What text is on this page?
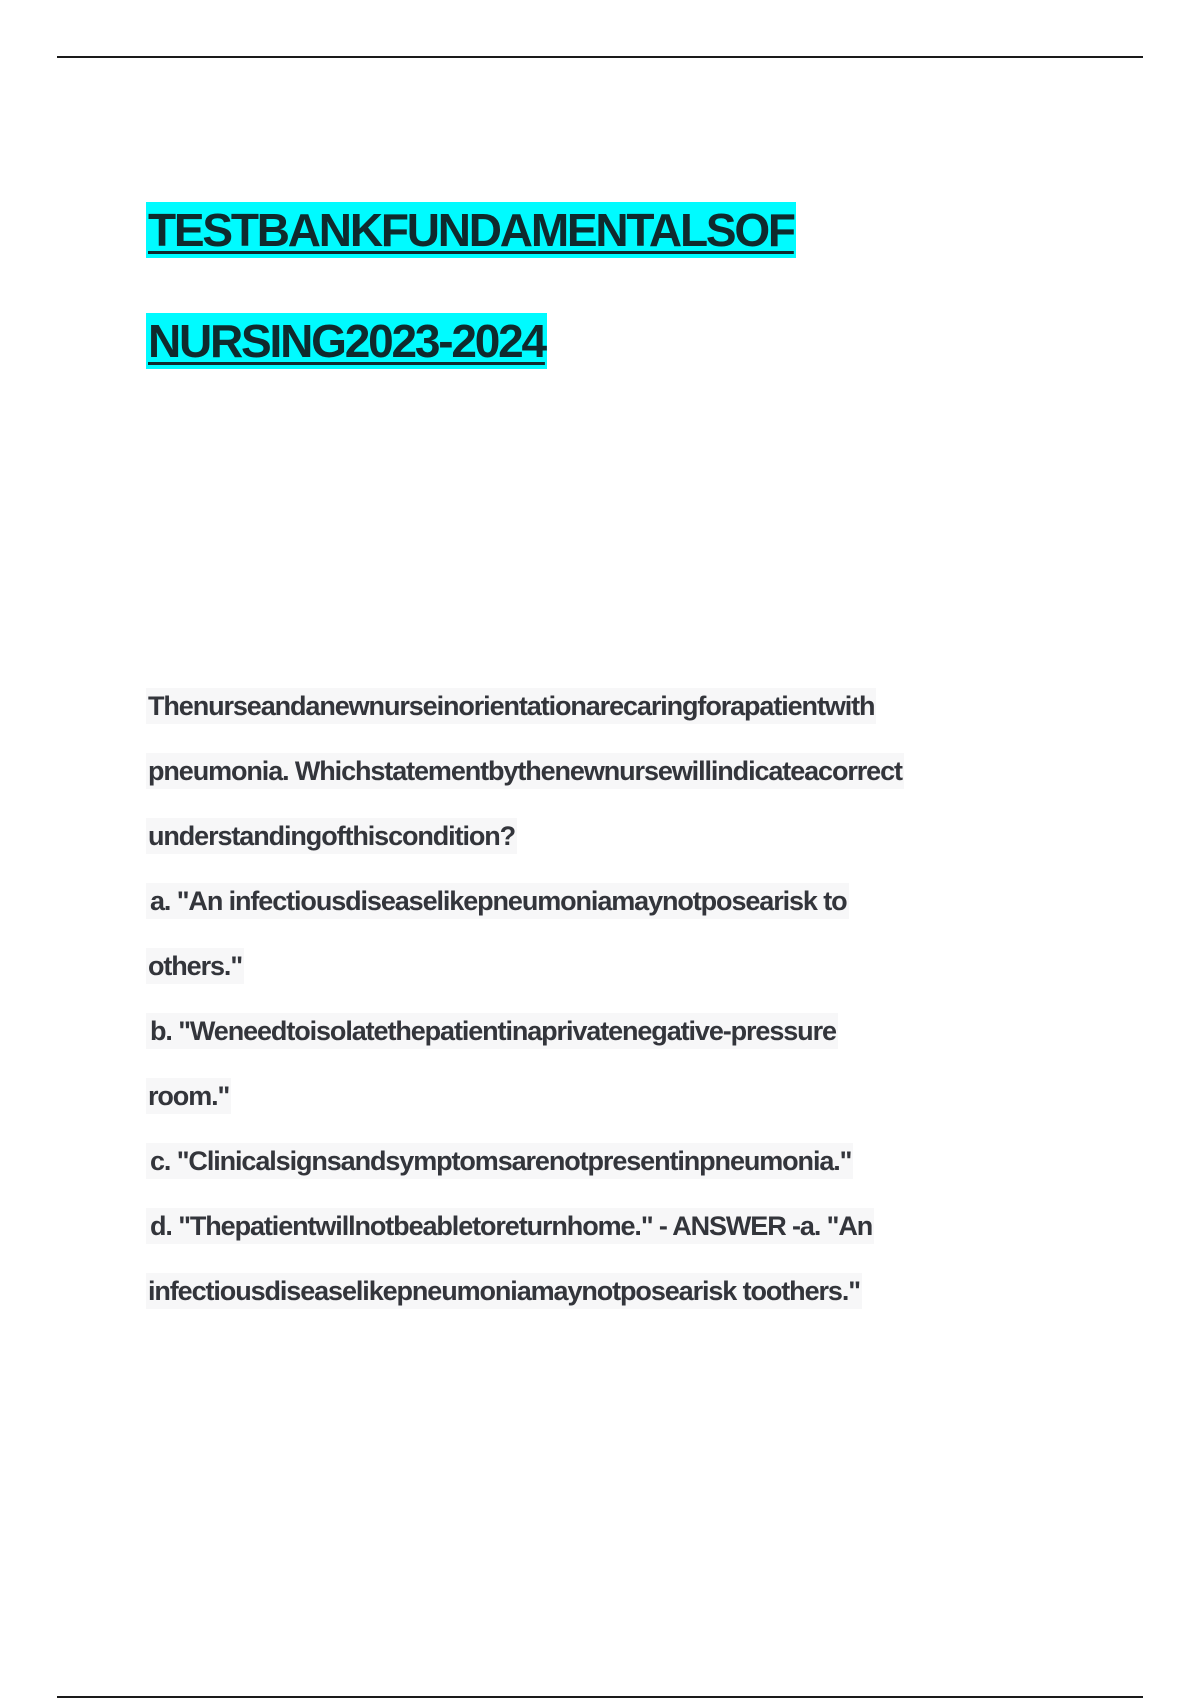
TESTBANKFUNDAMENTALSOF
NURSING2023-2024
Thenurseandanewnurseinorientationarecaringforapatientwith
pneumonia. Whichstatementbythenewnursewillindicateacorrect
understandingofthiscondition?
a. "An infectiousdiseaselikepneumoniamaynotposearisk to
others."
b. "Weneedtoisolatethepatientinaprivatenegative-pressure
room."
c. "Clinicalsignsandsymptomsarenotpresentinpneumonia."
d. "Thepatientwillnotbeabletoreturnhome." - ANSWER -a. "An
infectiousdiseaselikepneumoniamaynotposearisk toothers."
